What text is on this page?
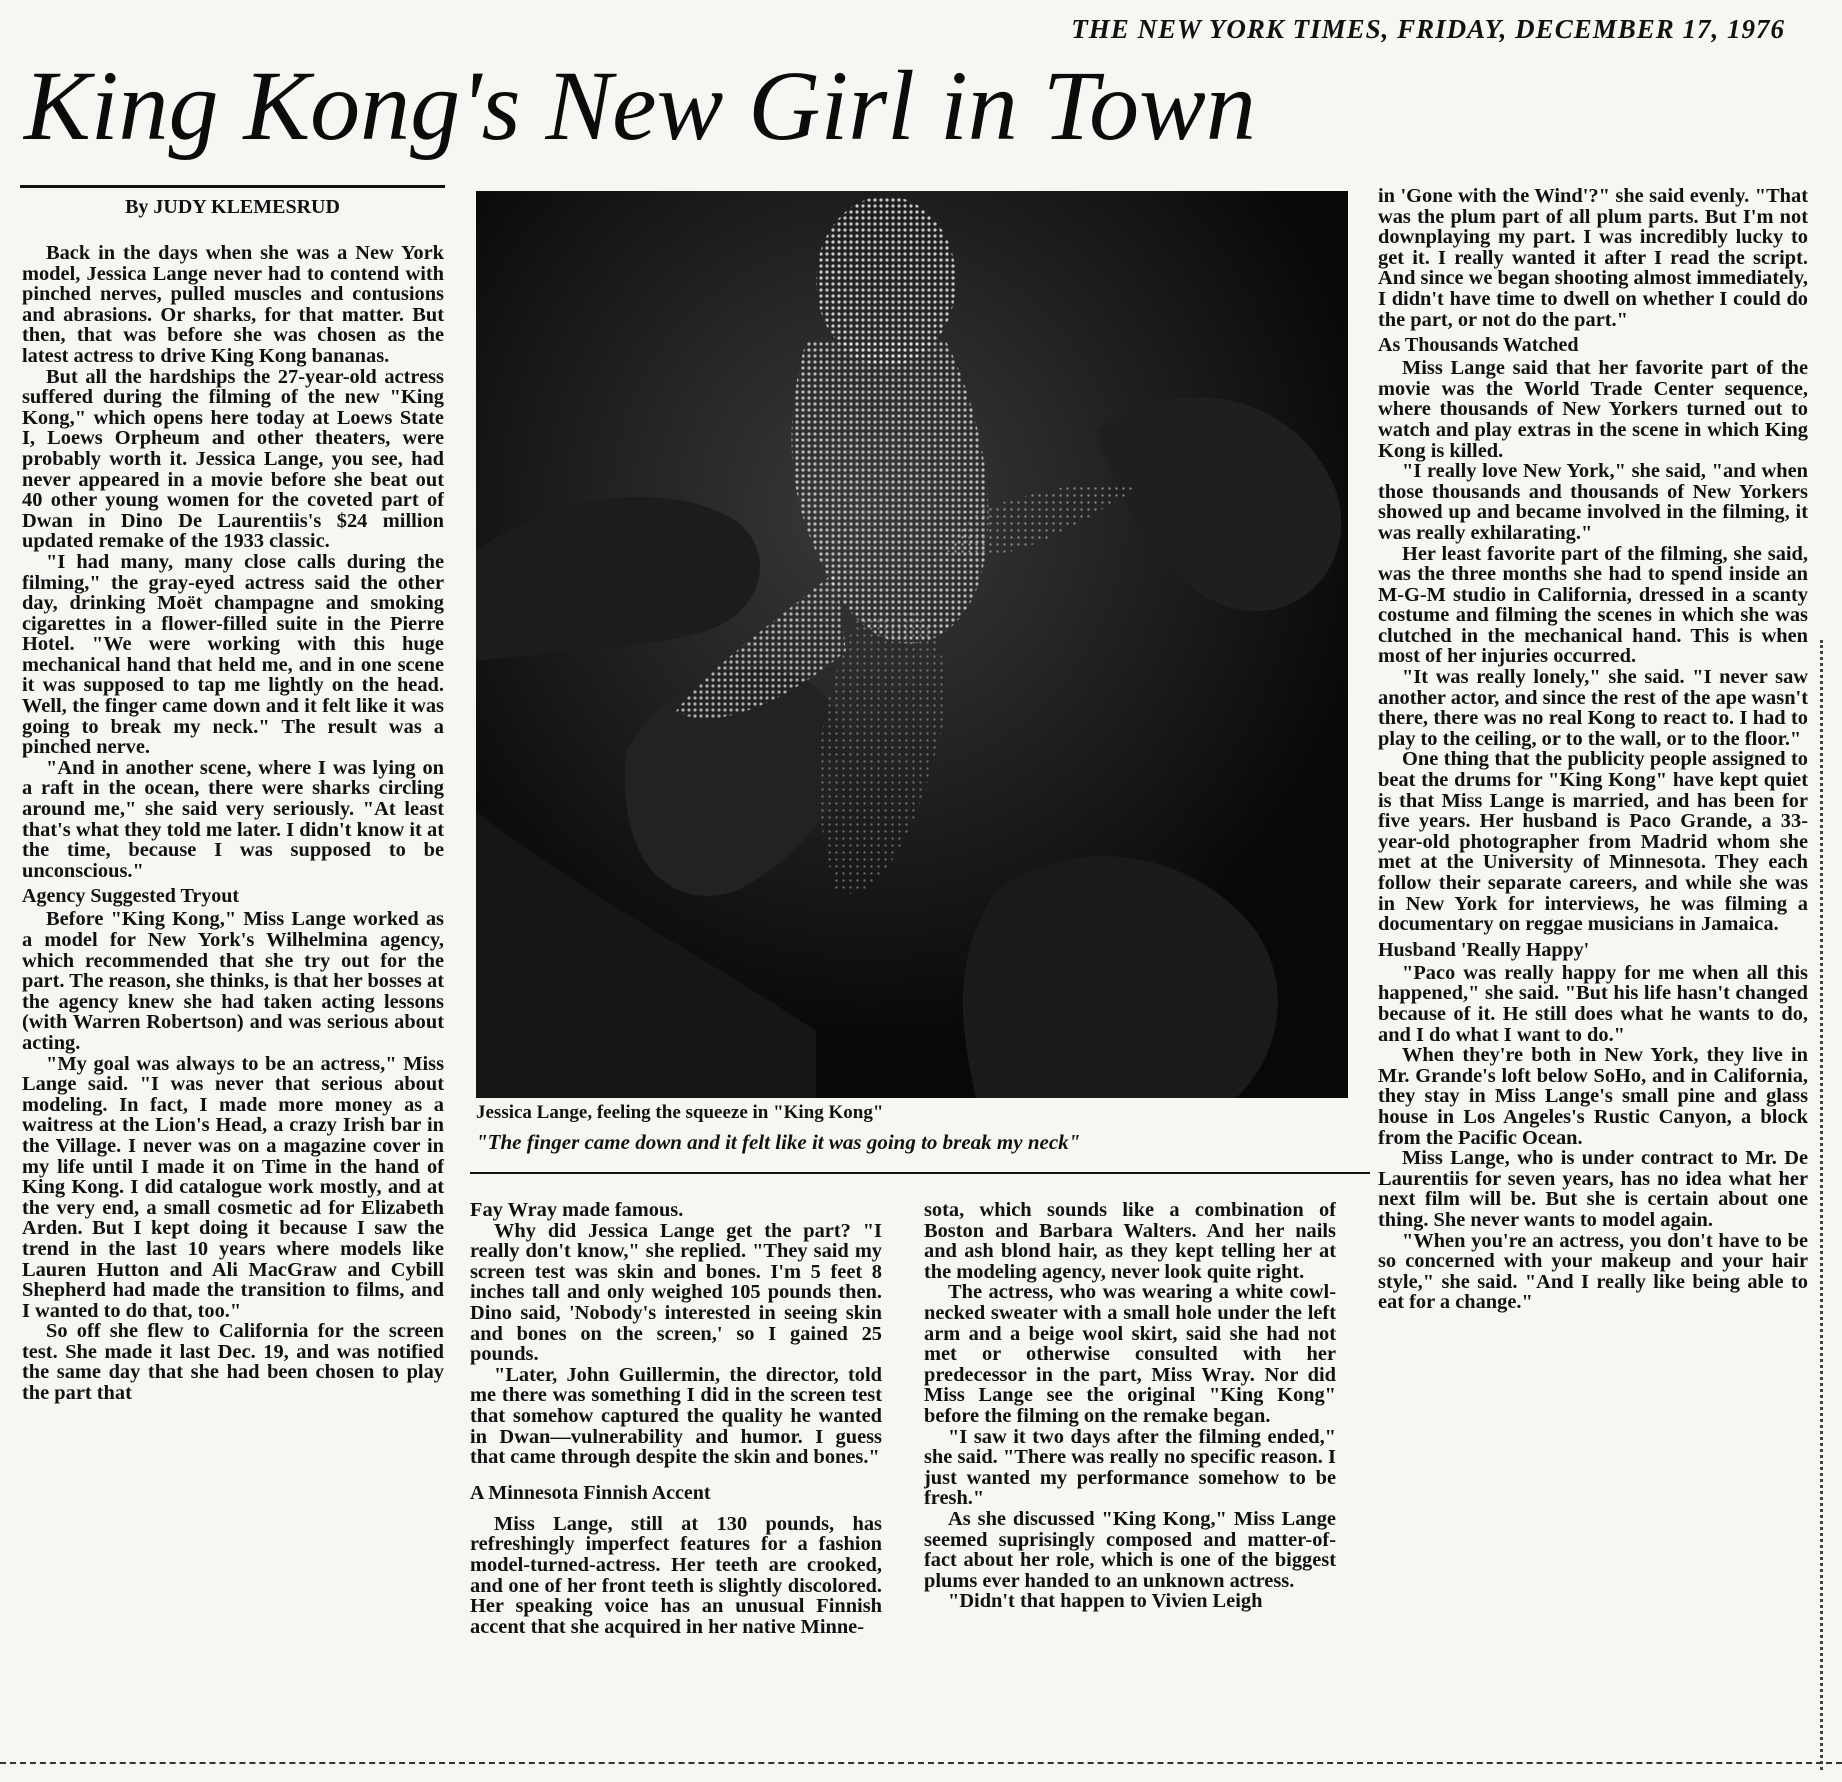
THE NEW YORK TIMES, FRIDAY, DECEMBER 17, 1976
King Kong's New Girl in Town
By JUDY KLEMESRUD

Back in the days when she was a New York model, Jessica Lange never had to contend with pinched nerves, pulled muscles and contusions and abrasions. Or sharks, for that matter. But then, that was before she was chosen as the latest actress to drive King Kong bananas.

But all the hardships the 27-year-old actress suffered during the filming of the new "King Kong," which opens here today at Loews State I, Loews Orpheum and other theaters, were probably worth it. Jessica Lange, you see, had never appeared in a movie before she beat out 40 other young women for the coveted part of Dwan in Dino De Laurentiis's $24 million updated remake of the 1933 classic.

"I had many, many close calls during the filming," the gray-eyed actress said the other day, drinking Moët champagne and smoking cigarettes in a flower-filled suite in the Pierre Hotel. "We were working with this huge mechanical hand that held me, and in one scene it was supposed to tap me lightly on the head. Well, the finger came down and it felt like it was going to break my neck." The result was a pinched nerve.

"And in another scene, where I was lying on a raft in the ocean, there were sharks circling around me," she said very seriously. "At least that's what they told me later. I didn't know it at the time, because I was supposed to be unconscious."

Agency Suggested Tryout

Before "King Kong," Miss Lange worked as a model for New York's Wilhelmina agency, which recommended that she try out for the part. The reason, she thinks, is that her bosses at the agency knew she had taken acting lessons (with Warren Robertson) and was serious about acting.

"My goal was always to be an actress," Miss Lange said. "I was never that serious about modeling. In fact, I made more money as a waitress at the Lion's Head, a crazy Irish bar in the Village. I never was on a magazine cover in my life until I made it on Time in the hand of King Kong. I did catalogue work mostly, and at the very end, a small cosmetic ad for Elizabeth Arden. But I kept doing it because I saw the trend in the last 10 years where models like Lauren Hutton and Ali MacGraw and Cybill Shepherd had made the transition to films, and I wanted to do that, too."

So off she flew to California for the screen test. She made it last Dec. 19, and was notified the same day that she had been chosen to play the part that

Jessica Lange, feeling the squeeze in "King Kong"
"The finger came down and it felt like it was going to break my neck"

Fay Wray made famous.

Why did Jessica Lange get the part? "I really don't know," she replied. "They said my screen test was skin and bones. I'm 5 feet 8 inches tall and only weighed 105 pounds then. Dino said, 'Nobody's interested in seeing skin and bones on the screen,' so I gained 25 pounds.

"Later, John Guillermin, the director, told me there was something I did in the screen test that somehow captured the quality he wanted in Dwan—vulnerability and humor. I guess that came through despite the skin and bones."

A Minnesota Finnish Accent

Miss Lange, still at 130 pounds, has refreshingly imperfect features for a fashion model-turned-actress. Her teeth are crooked, and one of her front teeth is slightly discolored. Her speaking voice has an unusual Finnish accent that she acquired in her native Minne-

sota, which sounds like a combination of Boston and Barbara Walters. And her nails and ash blond hair, as they kept telling her at the modeling agency, never look quite right.

The actress, who was wearing a white cowl-necked sweater with a small hole under the left arm and a beige wool skirt, said she had not met or otherwise consulted with her predecessor in the part, Miss Wray. Nor did Miss Lange see the original "King Kong" before the filming on the remake began.

"I saw it two days after the filming ended," she said. "There was really no specific reason. I just wanted my performance somehow to be fresh."

As she discussed "King Kong," Miss Lange seemed suprisingly composed and matter-of-fact about her role, which is one of the biggest plums ever handed to an unknown actress.

"Didn't that happen to Vivien Leigh

in 'Gone with the Wind'?" she said evenly. "That was the plum part of all plum parts. But I'm not downplaying my part. I was incredibly lucky to get it. I really wanted it after I read the script. And since we began shooting almost immediately, I didn't have time to dwell on whether I could do the part, or not do the part."

As Thousands Watched

Miss Lange said that her favorite part of the movie was the World Trade Center sequence, where thousands of New Yorkers turned out to watch and play extras in the scene in which King Kong is killed.

"I really love New York," she said, "and when those thousands and thousands of New Yorkers showed up and became involved in the filming, it was really exhilarating."

Her least favorite part of the filming, she said, was the three months she had to spend inside an M-G-M studio in California, dressed in a scanty costume and filming the scenes in which she was clutched in the mechanical hand. This is when most of her injuries occurred.

"It was really lonely," she said. "I never saw another actor, and since the rest of the ape wasn't there, there was no real Kong to react to. I had to play to the ceiling, or to the wall, or to the floor."

One thing that the publicity people assigned to beat the drums for "King Kong" have kept quiet is that Miss Lange is married, and has been for five years. Her husband is Paco Grande, a 33-year-old photographer from Madrid whom she met at the University of Minnesota. They each follow their separate careers, and while she was in New York for interviews, he was filming a documentary on reggae musicians in Jamaica.

Husband 'Really Happy'

"Paco was really happy for me when all this happened," she said. "But his life hasn't changed because of it. He still does what he wants to do, and I do what I want to do."

When they're both in New York, they live in Mr. Grande's loft below SoHo, and in California, they stay in Miss Lange's small pine and glass house in Los Angeles's Rustic Canyon, a block from the Pacific Ocean.

Miss Lange, who is under contract to Mr. De Laurentiis for seven years, has no idea what her next film will be. But she is certain about one thing. She never wants to model again.

"When you're an actress, you don't have to be so concerned with your makeup and your hair style," she said. "And I really like being able to eat for a change."
